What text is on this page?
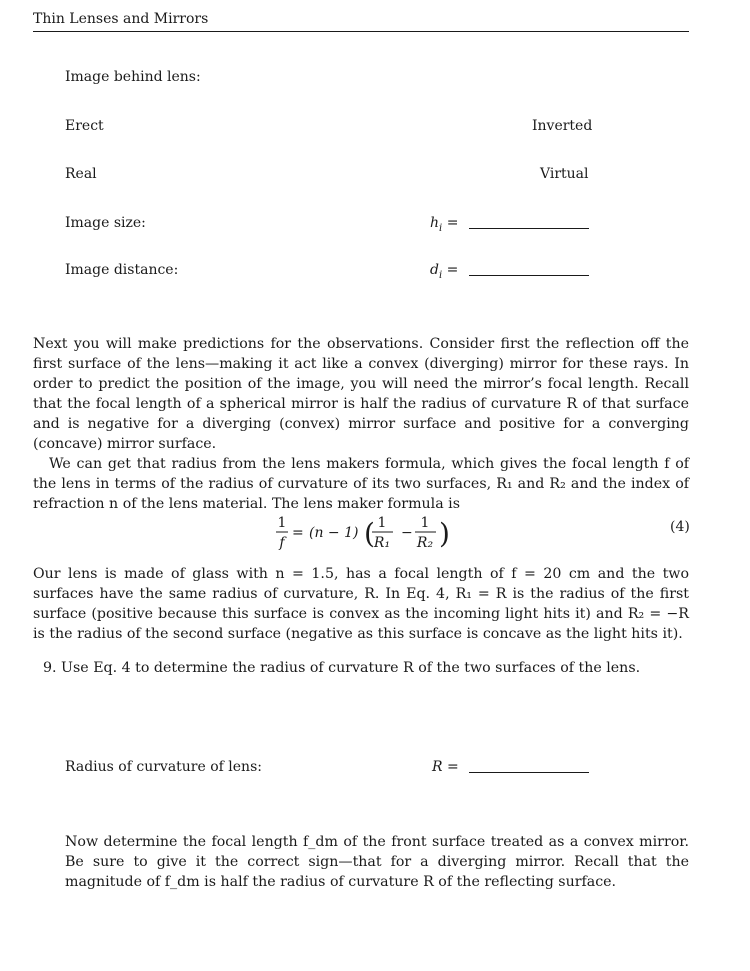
Thin Lenses and Mirrors
Image behind lens:
Erect	Inverted
Real	Virtual
Image size:	$h_i$ =
Image distance:	$d_i$ =

Next you will make predictions for the observations. Consider first the reflection off the first surface of the lens—making it act like a convex (diverging) mirror for these rays. In order to predict the position of the image, you will need the mirror’s focal length. Recall that the focal length of a spherical mirror is half the radius of curvature R of that surface and is negative for a diverging (convex) mirror surface and positive for a converging (concave) mirror surface.

We can get that radius from the lens makers formula, which gives the focal length f of the lens in terms of the radius of curvature of its two surfaces, R₁ and R₂ and the index of refraction n of the lens material. The lens maker formula is

1
f
= (n − 1) ( 1
R₁
−
1
R₂ )	(4)

Our lens is made of glass with n = 1.5, has a focal length of f = 20 cm and the two surfaces have the same radius of curvature, R. In Eq. 4, R₁ = R is the radius of the first surface (positive because this surface is convex as the incoming light hits it) and R₂ = −R is the radius of the second surface (negative as this surface is concave as the light hits it).

9. Use Eq. 4 to determine the radius of curvature R of the two surfaces of the lens.
Radius of curvature of lens:	R =

Now determine the focal length f_dm of the front surface treated as a convex mirror. Be sure to give it the correct sign—that for a diverging mirror. Recall that the magnitude of f_dm is half the radius of curvature R of the reflecting surface.
